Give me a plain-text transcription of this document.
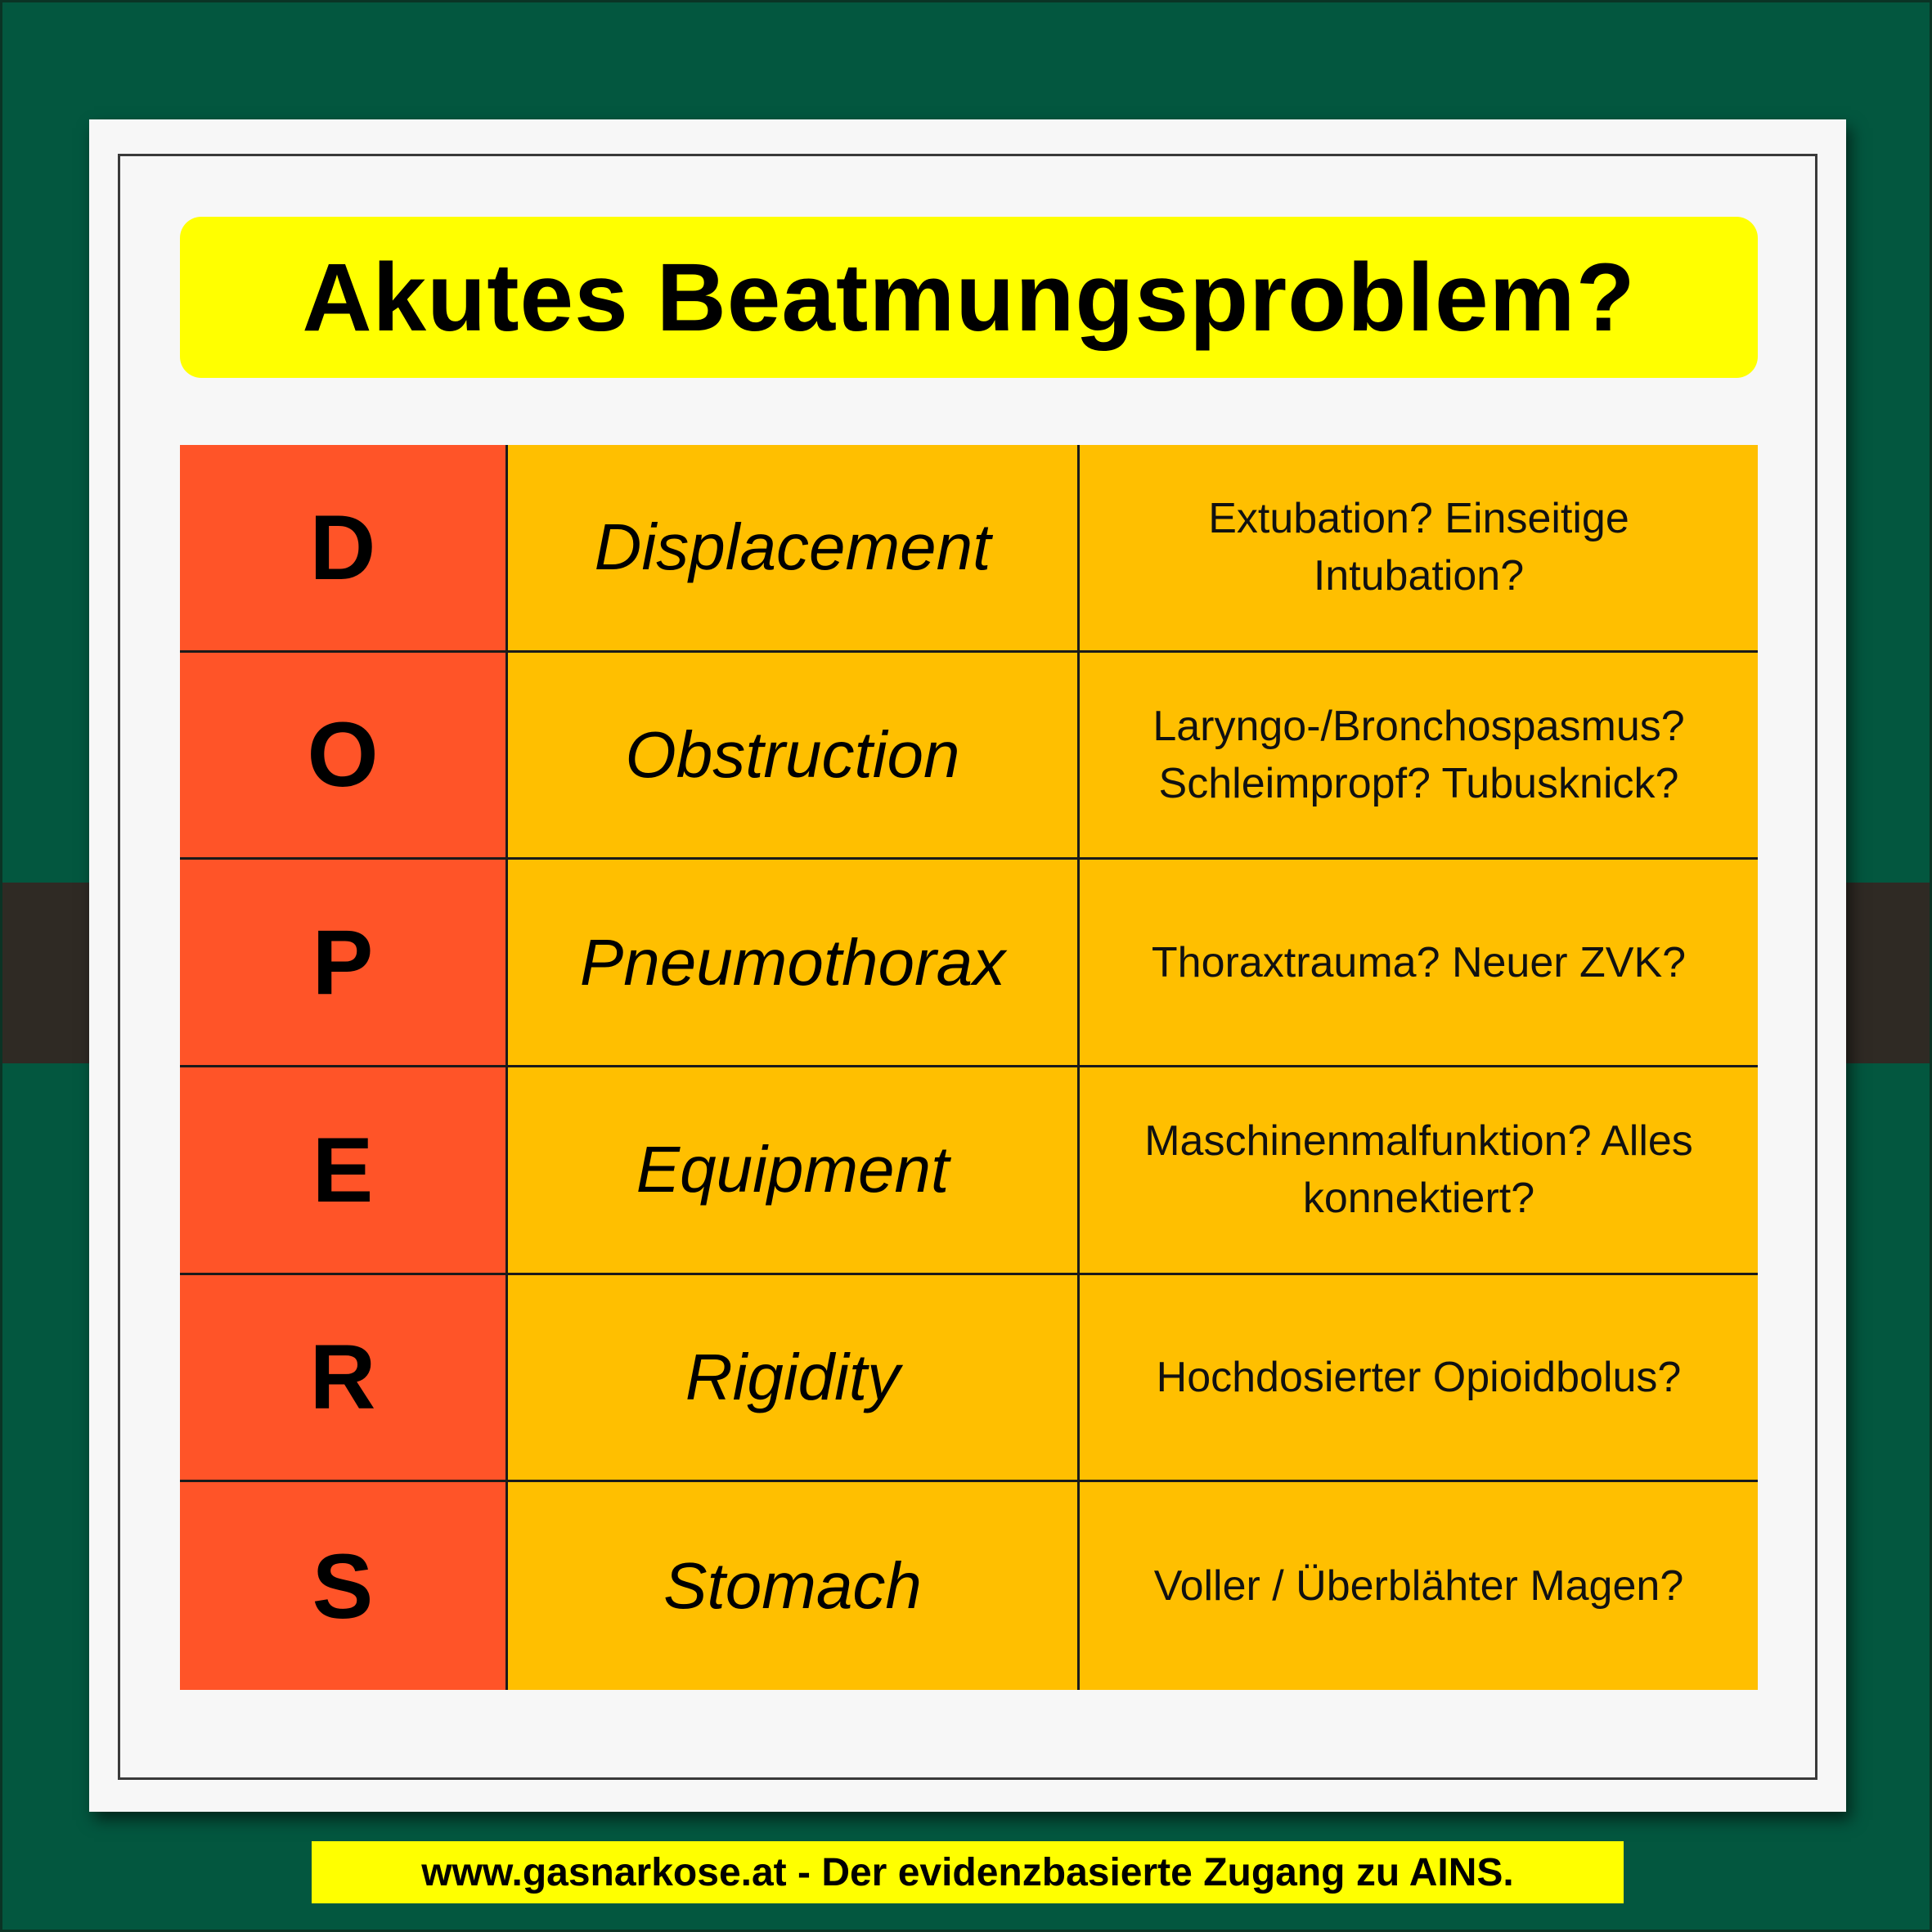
Akutes Beatmungsproblem?
D	Displacement	Extubation? Einseitige
Intubation?
O	Obstruction	Laryngo-/Bronchospasmus?
Schleimpropf? Tubusknick?
P	Pneumothorax	Thoraxtrauma? Neuer ZVK?
E	Equipment	Maschinenmalfunktion? Alles
konnektiert?
R	Rigidity	Hochdosierter Opioidbolus?
S	Stomach	Voller / Überblähter Magen?
www.gasnarkose.at - Der evidenzbasierte Zugang zu AINS.
